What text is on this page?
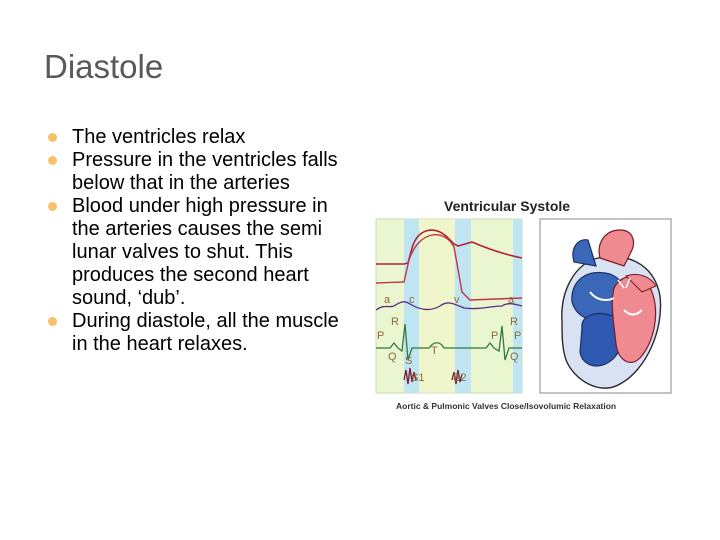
Diastole
The ventricles relax
Pressure in the ventricles falls below that in the arteries
Blood under high pressure in the arteries causes the semi lunar valves to shut. This produces the second heart sound, ‘dub’.
During diastole, all the muscle in the heart relaxes.
Ventricular Systole
a c	v	a
R	R
P	P P
T
Q S	Q
S1	S2
Aortic & Pulmonic Valves Close/Isovolumic Relaxation
